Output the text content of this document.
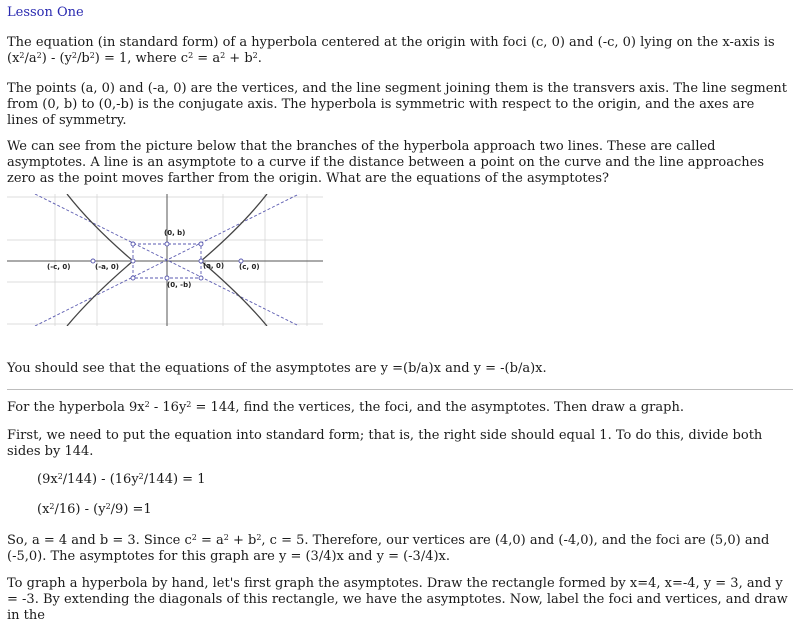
Lesson One

The equation (in standard form) of a hyperbola centered at the origin with foci (c, 0) and (-c, 0) lying on the x-axis is $(x^2/a^2) - (y^2/b^2) = 1$, where $c^2 = a^2 + b^2$.

The points (a, 0) and (-a, 0) are the vertices, and the line segment joining them is the transvers axis. The line segment from (0, b) to (0,-b) is the conjugate axis. The hyperbola is symmetric with respect to the origin, and the axes are lines of symmetry.

We can see from the picture below that the branches of the hyperbola approach two lines. These are called asymptotes. A line is an asymptote to a curve if the distance between a point on the curve and the line approaches zero as the point moves farther from the origin. What are the equations of the asymptotes?

(-c, 0)	(-a, 0)	(a, 0) (c, 0)
(0, b)
(0, -b)

You should see that the equations of the asymptotes are y =(b/a)x and y = -(b/a)x.

For the hyperbola $9x^2 - 16y^2 = 144$, find the vertices, the foci, and the asymptotes. Then draw a graph.

First, we need to put the equation into standard form; that is, the right side should equal 1. To do this, divide both sides by 144.

$(9x^2/144) - (16y^2/144) = 1$
$(x^2/16) - (y^2/9) =1$

So, a = 4 and b = 3. Since $c^2 = a^2 + b^2$, c = 5. Therefore, our vertices are (4,0) and (-4,0), and the foci are (5,0) and (-5,0). The asymptotes for this graph are y = (3/4)x and y = (-3/4)x.

To graph a hyperbola by hand, let's first graph the asymptotes. Draw the rectangle formed by x=4, x=-4, y = 3, and y = -3. By extending the diagonals of this rectangle, we have the asymptotes. Now, label the foci and vertices, and draw in the
